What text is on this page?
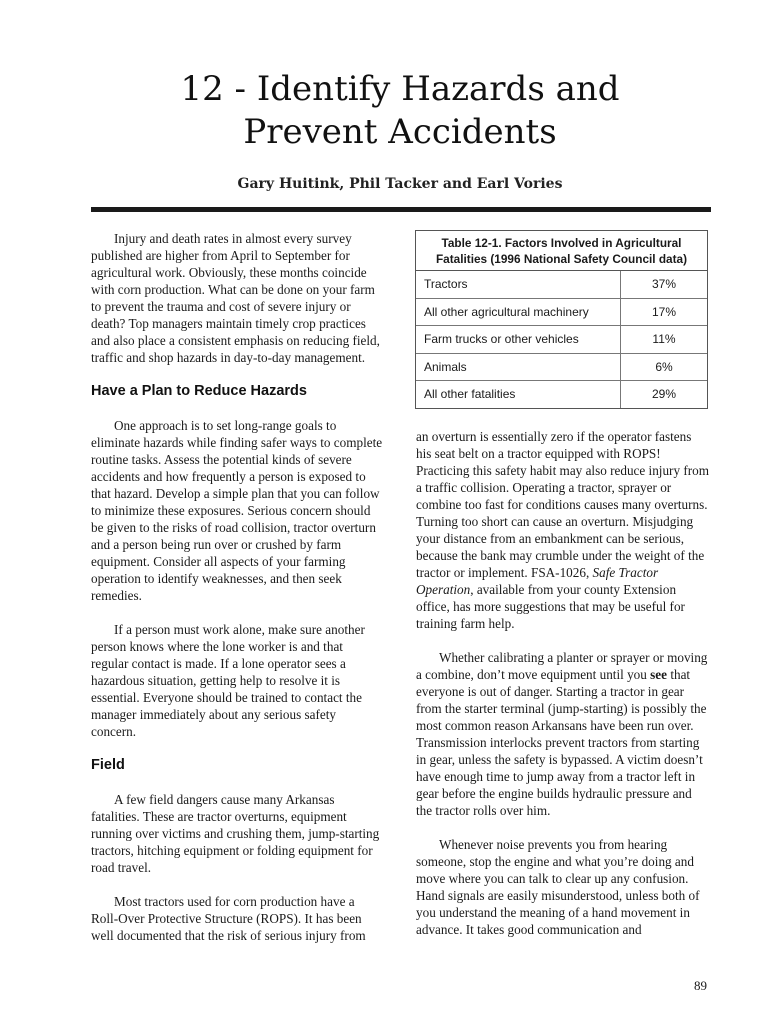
12 - Identify Hazards and
Prevent Accidents
Gary Huitink, Phil Tacker and Earl Vories

Injury and death rates in almost every survey published are higher from April to September for agricultural work. Obviously, these months coincide with corn production. What can be done on your farm to prevent the trauma and cost of severe injury or death? Top managers maintain timely crop practices and also place a consistent emphasis on reducing field, traffic and shop hazards in day-to-day management.

Have a Plan to Reduce Hazards

One approach is to set long-range goals to eliminate hazards while finding safer ways to complete routine tasks. Assess the potential kinds of severe accidents and how frequently a person is exposed to that hazard. Develop a simple plan that you can follow to minimize these exposures. Serious concern should be given to the risks of road collision, tractor overturn and a person being run over or crushed by farm equipment. Consider all aspects of your farming operation to identify weaknesses, and then seek remedies.

If a person must work alone, make sure another person knows where the lone worker is and that regular contact is made. If a lone operator sees a hazardous situation, getting help to resolve it is essential. Everyone should be trained to contact the manager immediately about any serious safety concern.

Field

A few field dangers cause many Arkansas fatalities. These are tractor overturns, equipment running over victims and crushing them, jump-starting tractors, hitching equipment or folding equipment for road travel.

Most tractors used for corn production have a Roll-Over Protective Structure (ROPS). It has been well documented that the risk of serious injury from

Table 12-1. Factors Involved in Agricultural Fatalities (1996 National Safety Council data)
Tractors	37%
All other agricultural machinery	17%
Farm trucks or other vehicles	11%
Animals	6%
All other fatalities	29%

an overturn is essentially zero if the operator fastens his seat belt on a tractor equipped with ROPS! Practicing this safety habit may also reduce injury from a traffic collision. Operating a tractor, sprayer or combine too fast for conditions causes many overturns. Turning too short can cause an overturn. Misjudging your distance from an embankment can be serious, because the bank may crumble under the weight of the tractor or implement. FSA-1026, Safe Tractor Operation, available from your county Extension office, has more suggestions that may be useful for training farm help.

Whether calibrating a planter or sprayer or moving a combine, don’t move equipment until you see that everyone is out of danger. Starting a tractor in gear from the starter terminal (jump-starting) is possibly the most common reason Arkansans have been run over. Transmission interlocks prevent tractors from starting in gear, unless the safety is bypassed. A victim doesn’t have enough time to jump away from a tractor left in gear before the engine builds hydraulic pressure and the tractor rolls over him.

Whenever noise prevents you from hearing someone, stop the engine and what you’re doing and move where you can talk to clear up any confusion. Hand signals are easily misunderstood, unless both of you understand the meaning of a hand movement in advance. It takes good communication and

89
